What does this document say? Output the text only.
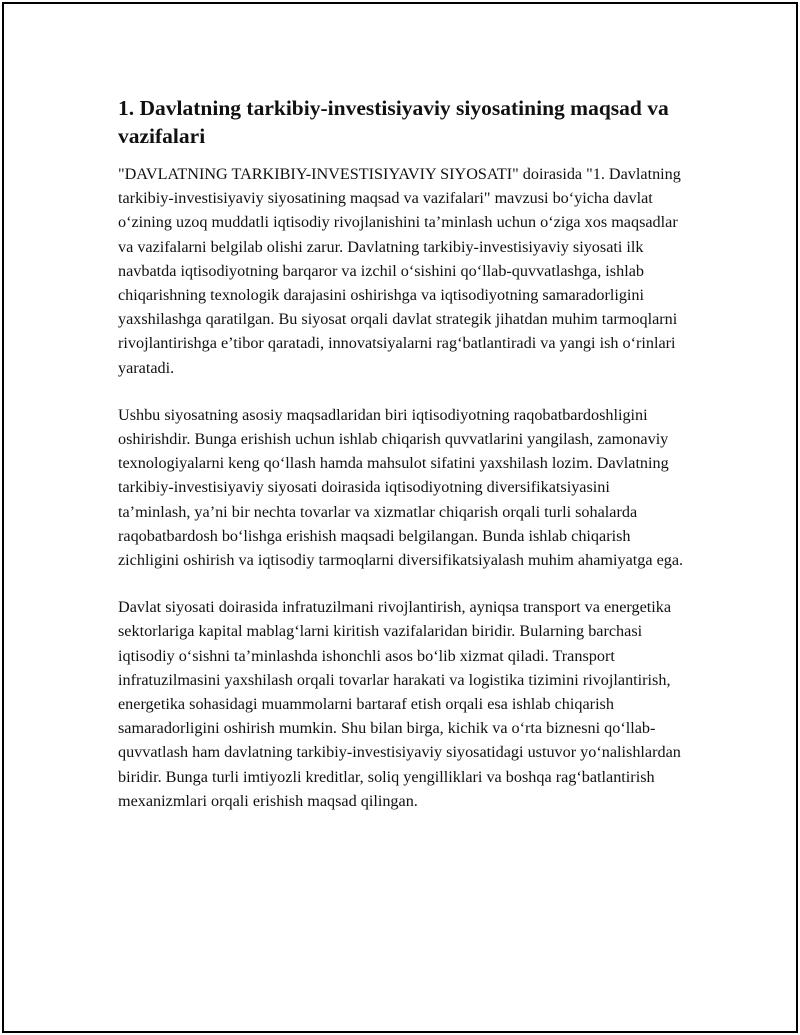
1. Davlatning tarkibiy-investisiyaviy siyosatining maqsad va vazifalari

"DAVLATNING TARKIBIY-INVESTISIYAVIY SIYOSATI" doirasida "1. Davlatning tarkibiy-investisiyaviy siyosatining maqsad va vazifalari" mavzusi bo‘yicha davlat o‘zining uzoq muddatli iqtisodiy rivojlanishini ta’minlash uchun o‘ziga xos maqsadlar va vazifalarni belgilab olishi zarur. Davlatning tarkibiy-investisiyaviy siyosati ilk navbatda iqtisodiyotning barqaror va izchil o‘sishini qo‘llab-quvvatlashga, ishlab chiqarishning texnologik darajasini oshirishga va iqtisodiyotning samaradorligini yaxshilashga qaratilgan. Bu siyosat orqali davlat strategik jihatdan muhim tarmoqlarni rivojlantirishga e’tibor qaratadi, innovatsiyalarni rag‘batlantiradi va yangi ish o‘rinlari yaratadi.

Ushbu siyosatning asosiy maqsadlaridan biri iqtisodiyotning raqobatbardoshligini oshirishdir. Bunga erishish uchun ishlab chiqarish quvvatlarini yangilash, zamonaviy texnologiyalarni keng qo‘llash hamda mahsulot sifatini yaxshilash lozim. Davlatning tarkibiy-investisiyaviy siyosati doirasida iqtisodiyotning diversifikatsiyasini ta’minlash, ya’ni bir nechta tovarlar va xizmatlar chiqarish orqali turli sohalarda raqobatbardosh bo‘lishga erishish maqsadi belgilangan. Bunda ishlab chiqarish zichligini oshirish va iqtisodiy tarmoqlarni diversifikatsiyalash muhim ahamiyatga ega.

Davlat siyosati doirasida infratuzilmani rivojlantirish, ayniqsa transport va energetika sektorlariga kapital mablag‘larni kiritish vazifalaridan biridir. Bularning barchasi iqtisodiy o‘sishni ta’minlashda ishonchli asos bo‘lib xizmat qiladi. Transport infratuzilmasini yaxshilash orqali tovarlar harakati va logistika tizimini rivojlantirish, energetika sohasidagi muammolarni bartaraf etish orqali esa ishlab chiqarish samaradorligini oshirish mumkin. Shu bilan birga, kichik va o‘rta biznesni qo‘llab-quvvatlash ham davlatning tarkibiy-investisiyaviy siyosatidagi ustuvor yo‘nalishlardan biridir. Bunga turli imtiyozli kreditlar, soliq yengilliklari va boshqa rag‘batlantirish mexanizmlari orqali erishish maqsad qilingan.
